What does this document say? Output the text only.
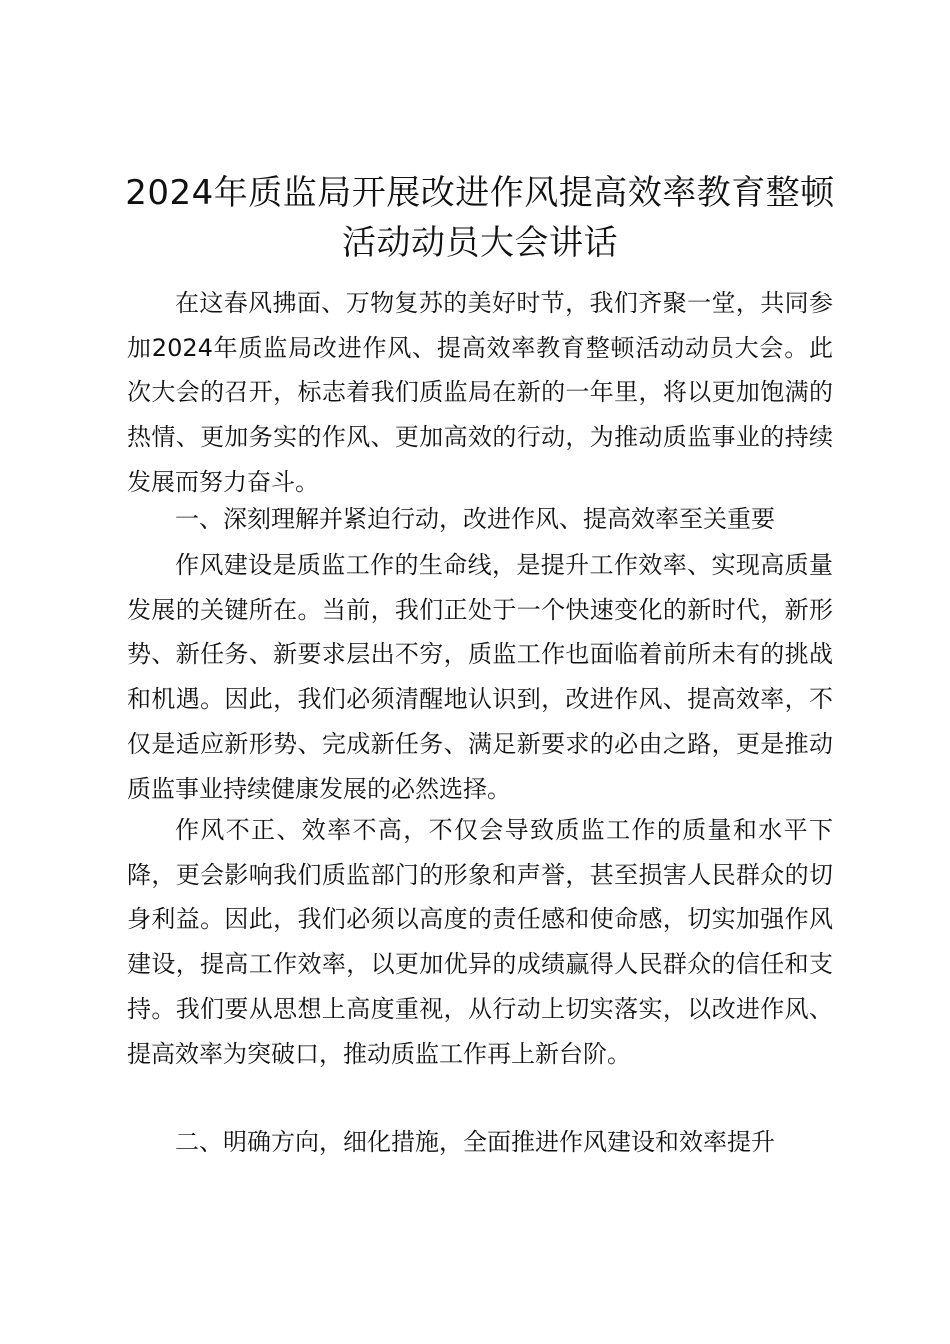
2024年质监局开展改进作风提高效率教育整顿活动动员大会讲话

在这春风拂面、万物复苏的美好时节，我们齐聚一堂，共同参加2024年质监局改进作风、提高效率教育整顿活动动员大会。此次大会的召开，标志着我们质监局在新的一年里，将以更加饱满的热情、更加务实的作风、更加高效的行动，为推动质监事业的持续发展而努力奋斗。

一、深刻理解并紧迫行动，改进作风、提高效率至关重要

作风建设是质监工作的生命线，是提升工作效率、实现高质量发展的关键所在。当前，我们正处于一个快速变化的新时代，新形势、新任务、新要求层出不穷，质监工作也面临着前所未有的挑战和机遇。因此，我们必须清醒地认识到，改进作风、提高效率，不仅是适应新形势、完成新任务、满足新要求的必由之路，更是推动质监事业持续健康发展的必然选择。

作风不正、效率不高，不仅会导致质监工作的质量和水平下降，更会影响我们质监部门的形象和声誉，甚至损害人民群众的切身利益。因此，我们必须以高度的责任感和使命感，切实加强作风建设，提高工作效率，以更加优异的成绩赢得人民群众的信任和支持。我们要从思想上高度重视，从行动上切实落实，以改进作风、提高效率为突破口，推动质监工作再上新台阶。

二、明确方向，细化措施，全面推进作风建设和效率提升
